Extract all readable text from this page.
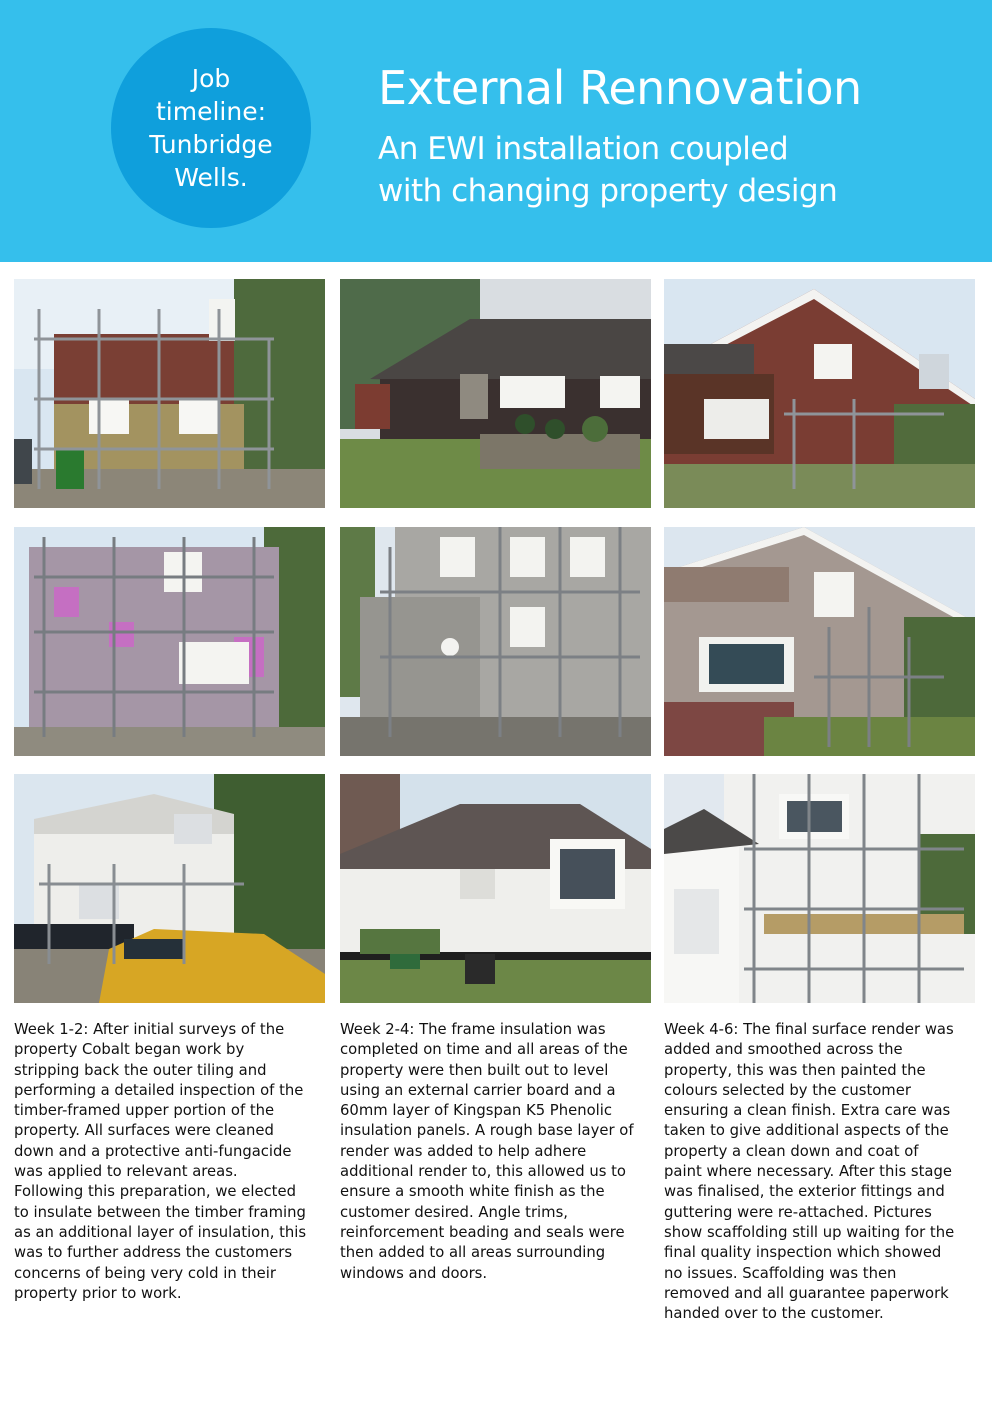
Job
timeline:
Tunbridge
Wells.
External Rennovation
An EWI installation coupled
with changing property design
Week 1-2: After initial surveys of the
property Cobalt began work by
stripping back the outer tiling and
performing a detailed inspection of the
timber-framed upper portion of the
property. All surfaces were cleaned
down and a protective anti-fungacide
was applied to relevant areas.
Following this preparation, we elected
to insulate between the timber framing
as an additional layer of insulation, this
was to further address the customers
concerns of being very cold in their
property prior to work.
Week 2-4: The frame insulation was
completed on time and all areas of the
property were then built out to level
using an external carrier board and a
60mm layer of Kingspan K5 Phenolic
insulation panels. A rough base layer of
render was added to help adhere
additional render to, this allowed us to
ensure a smooth white finish as the
customer desired. Angle trims,
reinforcement beading and seals were
then added to all areas surrounding
windows and doors.
Week 4-6: The final surface render was
added and smoothed across the
property, this was then painted the
colours selected by the customer
ensuring a clean finish. Extra care was
taken to give additional aspects of the
property a clean down and coat of
paint where necessary. After this stage
was finalised, the exterior fittings and
guttering were re-attached. Pictures
show scaffolding still up waiting for the
final quality inspection which showed
no issues. Scaffolding was then
removed and all guarantee paperwork
handed over to the customer.
